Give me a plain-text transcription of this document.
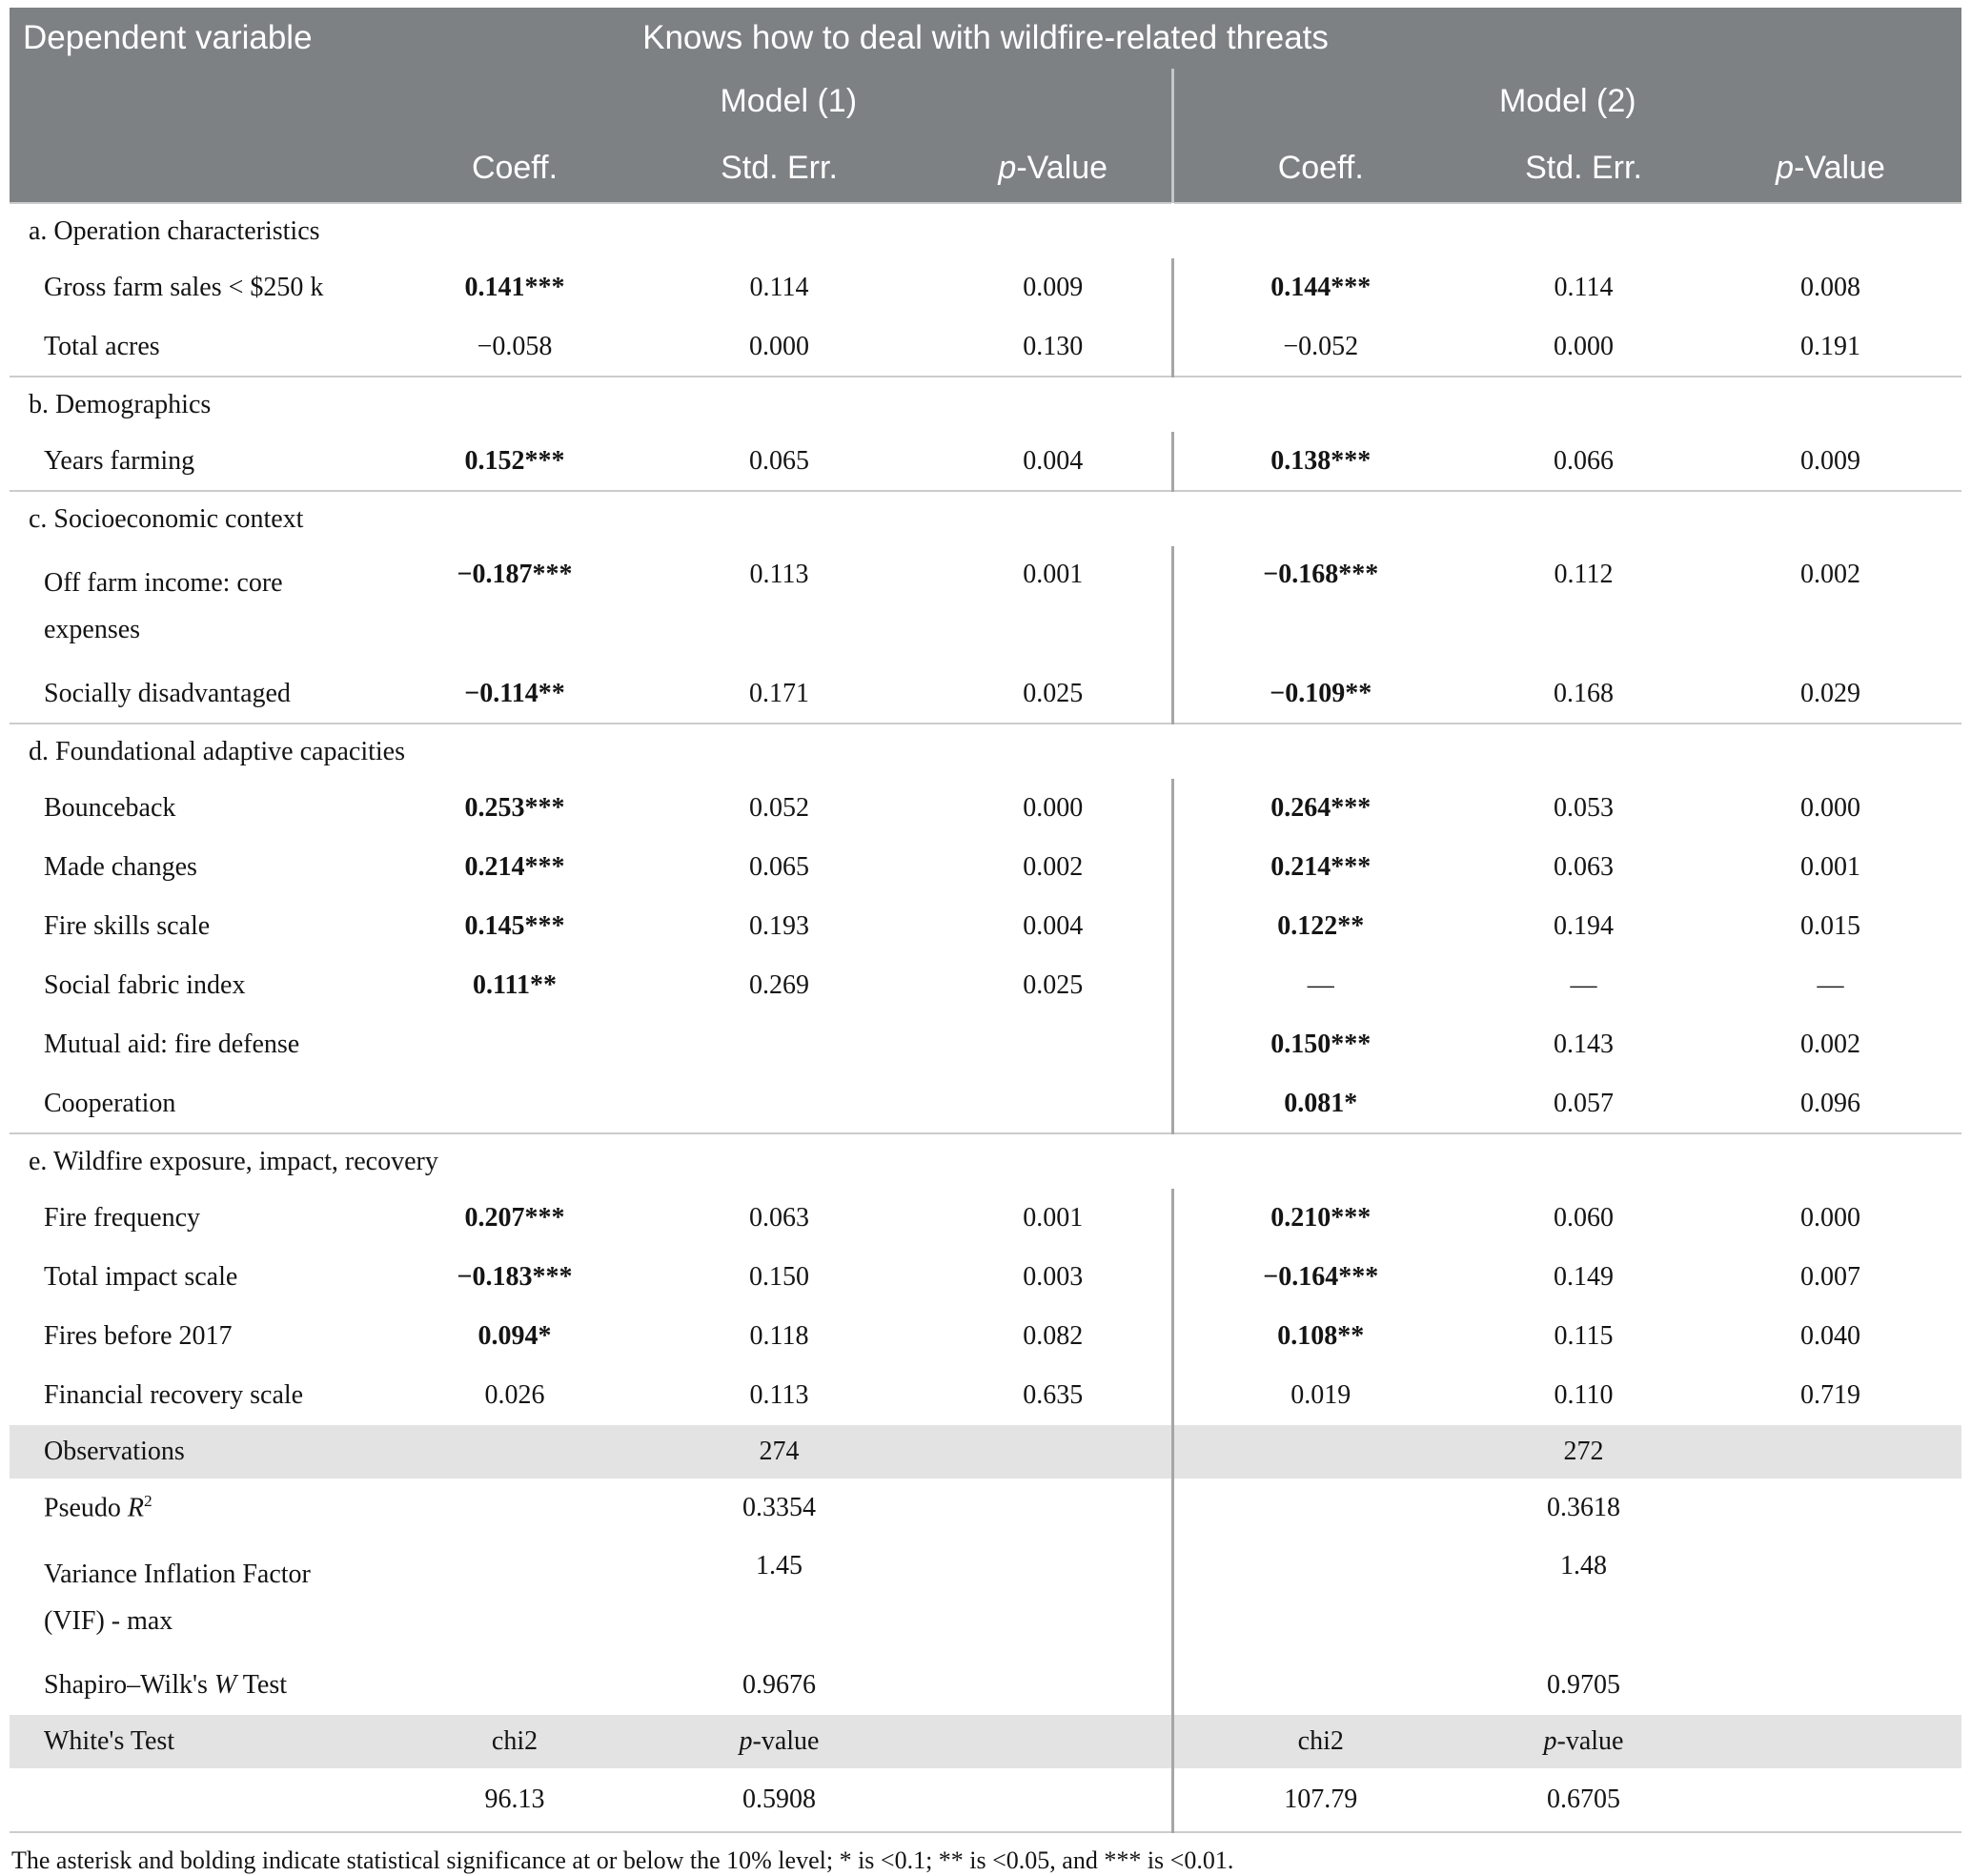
Dependent variable Knows how to deal with wildfire-related threats						

	Model (1)			Model (2)		
	Coeff.	Std. Err.	p-Value	Coeff.	Std. Err.	p-Value
a. Operation characteristics						
Gross farm sales < $250 k	0.141***	0.114	0.009	0.144***	0.114	0.008
Total acres	−0.058	0.000	0.130	−0.052	0.000	0.191
b. Demographics						
Years farming	0.152***	0.065	0.004	0.138***	0.066	0.009
c. Socioeconomic context						

Off farm income: core
expenses	−0.187***	0.113	0.001	−0.168***	0.112	0.002
Socially disadvantaged	−0.114**	0.171	0.025	−0.109**	0.168	0.029
d. Foundational adaptive capacities						
Bounceback	0.253***	0.052	0.000	0.264***	0.053	0.000
Made changes	0.214***	0.065	0.002	0.214***	0.063	0.001
Fire skills scale	0.145***	0.193	0.004	0.122**	0.194	0.015
Social fabric index	0.111**	0.269	0.025	—	—	—
Mutual aid: fire defense				0.150***	0.143	0.002
Cooperation				0.081*	0.057	0.096
e. Wildfire exposure, impact, recovery						
Fire frequency	0.207***	0.063	0.001	0.210***	0.060	0.000
Total impact scale	−0.183***	0.150	0.003	−0.164***	0.149	0.007
Fires before 2017	0.094*	0.118	0.082	0.108**	0.115	0.040
Financial recovery scale	0.026	0.113	0.635	0.019	0.110	0.719
Observations		274			272	
Pseudo $R^2$		0.3354			0.3618	

Variance Inflation Factor
(VIF) - max		1.45			1.48	
Shapiro–Wilk's W Test		0.9676			0.9705	
White's Test	chi2	p-value		chi2	p-value	
	96.13	0.5908		107.79	0.6705	
The asterisk and bolding indicate statistical significance at or below the 10% level; * is <0.1; ** is <0.05, and *** is <0.01.
